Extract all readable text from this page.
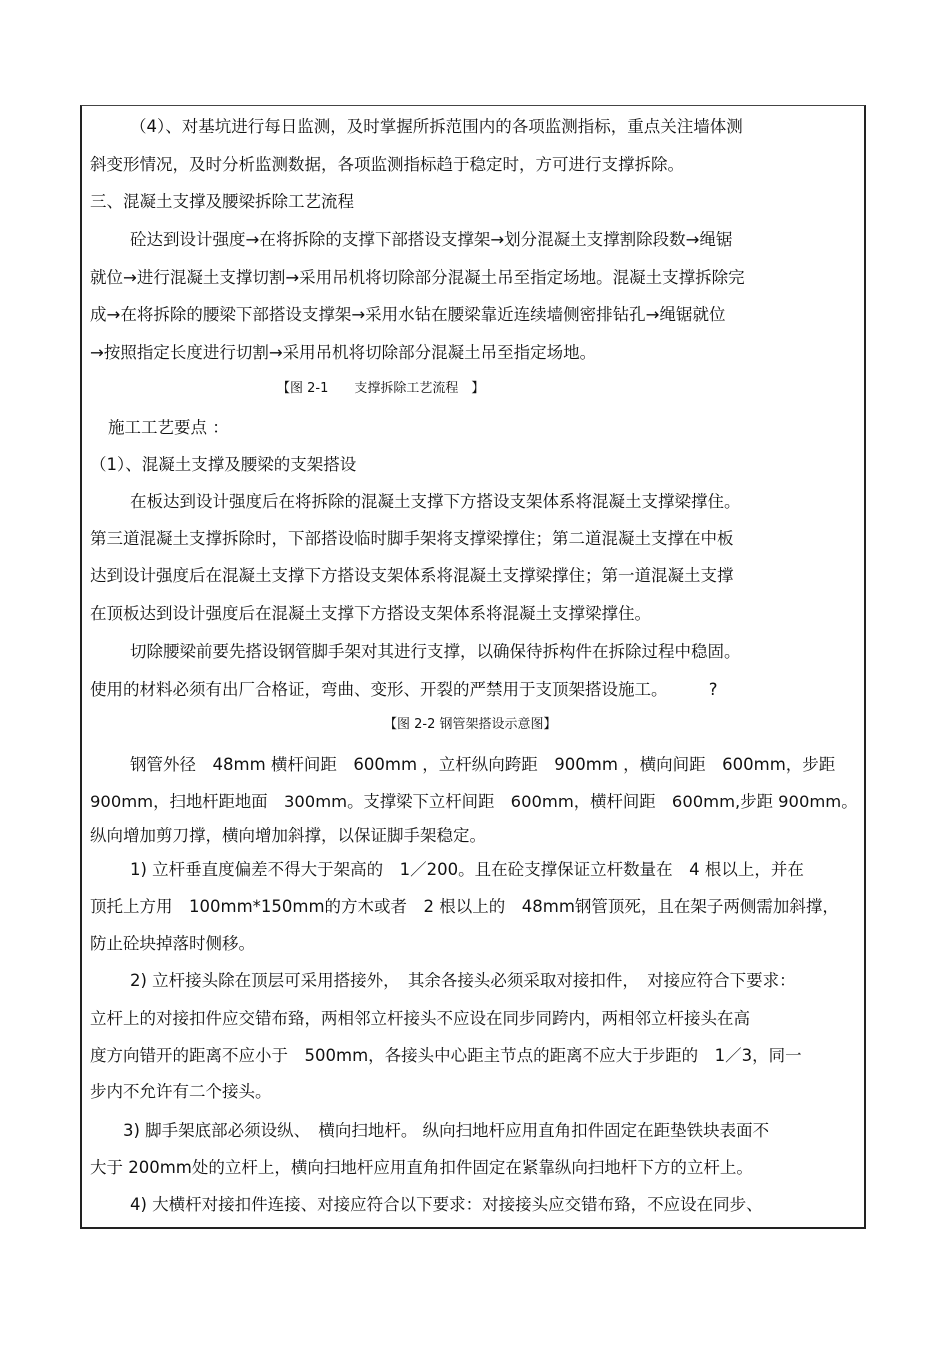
（4）、对基坑进行每日监测，及时掌握所拆范围内的各项监测指标，重点关注墙体测
斜变形情况，及时分析监测数据，各项监测指标趋于稳定时，方可进行支撑拆除。
三、混凝土支撑及腰梁拆除工艺流程
砼达到设计强度→在将拆除的支撑下部搭设支撑架→划分混凝土支撑割除段数→绳锯
就位→进行混凝土支撑切割→采用吊机将切除部分混凝土吊至指定场地。混凝土支撑拆除完
成→在将拆除的腰梁下部搭设支撑架→采用水钻在腰梁靠近连续墙侧密排钻孔→绳锯就位
→按照指定长度进行切割→采用吊机将切除部分混凝土吊至指定场地。
【图 2-1　　支撑拆除工艺流程　】
施工工艺要点 ：
（1）、混凝土支撑及腰梁的支架搭设
在板达到设计强度后在将拆除的混凝土支撑下方搭设支架体系将混凝土支撑梁撑住。
第三道混凝土支撑拆除时，下部搭设临时脚手架将支撑梁撑住；第二道混凝土支撑在中板
达到设计强度后在混凝土支撑下方搭设支架体系将混凝土支撑梁撑住；第一道混凝土支撑
在顶板达到设计强度后在混凝土支撑下方搭设支架体系将混凝土支撑梁撑住。
切除腰梁前要先搭设钢管脚手架对其进行支撑，以确保待拆构件在拆除过程中稳固。
使用的材料必须有出厂合格证，弯曲、变形、开裂的严禁用于支顶架搭设施工。　　　?
【图 2-2 钢管架搭设示意图】
钢管外径　48mm 横杆间距　600mm ，立杆纵向跨距　900mm ，横向间距　600mm，步距
900mm，扫地杆距地面　300mm。支撑梁下立杆间距　600mm，横杆间距　600mm,步距 900mm。
纵向增加剪刀撑，横向增加斜撑，以保证脚手架稳定。
1) 立杆垂直度偏差不得大于架高的　1／200。且在砼支撑保证立杆数量在　4 根以上，并在
顶托上方用　100mm*150mm的方木或者　2 根以上的　48mm钢管顶死，且在架子两侧需加斜撑，
防止砼块掉落时侧移。
2) 立杆接头除在顶层可采用搭接外，　其余各接头必须采取对接扣件，　对接应符合下要求：
立杆上的对接扣件应交错布臵，两相邻立杆接头不应设在同步同跨内，两相邻立杆接头在高
度方向错开的距离不应小于　500mm，各接头中心距主节点的距离不应大于步距的　1／3，同一
步内不允许有二个接头。
3) 脚手架底部必须设纵、　横向扫地杆。 纵向扫地杆应用直角扣件固定在距垫铁块表面不
大于 200mm处的立杆上，横向扫地杆应用直角扣件固定在紧靠纵向扫地杆下方的立杆上。
4) 大横杆对接扣件连接、对接应符合以下要求：对接接头应交错布臵，不应设在同步、
